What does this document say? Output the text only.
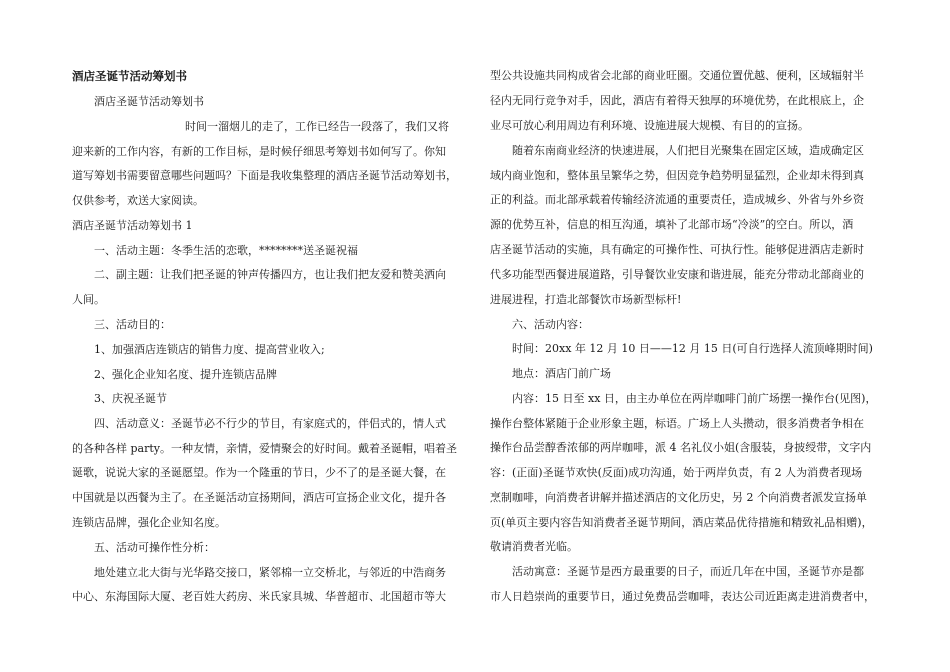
酒店圣诞节活动筹划书
酒店圣诞节活动筹划书
时间一溜烟儿的走了，工作已经告一段落了，我们又将
迎来新的工作内容，有新的工作目标，是时候仔细思考筹划书如何写了。你知
道写筹划书需要留意哪些问题吗？下面是我收集整理的酒店圣诞节活动筹划书，
仅供参考，欢送大家阅读。
酒店圣诞节活动筹划书 1
一、活动主题：冬季生活的恋歌，********送圣诞祝福
二、副主题：让我们把圣诞的钟声传播四方，也让我们把友爱和赞美洒向
人间。
三、活动目的：
1、加强酒店连锁店的销售力度、提高营业收入;
2、强化企业知名度、提升连锁店品牌
3、庆祝圣诞节
四、活动意义：圣诞节必不行少的节目，有家庭式的，伴侣式的，情人式
的各种各样 party。一种友情，亲情，爱情聚会的好时间。戴着圣诞帽，唱着圣
诞歌，说说大家的圣诞愿望。作为一个隆重的节日，少不了的是圣诞大餐，在
中国就是以西餐为主了。在圣诞活动宣扬期间，酒店可宣扬企业文化，提升各
连锁店品牌，强化企业知名度。
五、活动可操作性分析：
地处建立北大街与光华路交接口，紧邻棉一立交桥北，与邻近的中浩商务
中心、东海国际大厦、老百姓大药房、米氏家具城、华普超市、北国超市等大
型公共设施共同构成省会北部的商业旺圈。交通位置优越、便利，区域辐射半
径内无同行竞争对手，因此，酒店有着得天独厚的环境优势，在此根底上，企
业尽可放心利用周边有利环境、设施进展大规模、有目的的宣扬。
随着东南商业经济的快速进展，人们把目光聚集在固定区域，造成确定区
域内商业饱和，整体虽呈繁华之势，但因竞争趋势明显猛烈，企业却未得到真
正的利益。而北部承载着传输经济流通的重要责任，造成城乡、外省与外乡资
源的优势互补，信息的相互沟通，填补了北部市场“冷淡”的空白。所以，酒
店圣诞节活动的实施，具有确定的可操作性、可执行性。能够促进酒店走新时
代多功能型西餐进展道路，引导餐饮业安康和谐进展，能充分带动北部商业的
进展进程，打造北部餐饮市场新型标杆!
六、活动内容：
时间：20xx 年 12 月 10 日——12 月 15 日(可自行选择人流顶峰期时间)
地点：酒店门前广场
内容：15 日至 xx 日，由主办单位在两岸咖啡门前广场摆一操作台(见图)，
操作台整体紧随于企业形象主题，标语。广场上人头攒动，很多消费者争相在
操作台品尝醇香浓郁的两岸咖啡，派 4 名礼仪小姐(含服装，身披绶带，文字内
容：(正面)圣诞节欢快(反面)成功沟通，始于两岸负责，有 2 人为消费者现场
烹制咖啡，向消费者讲解并描述酒店的文化历史，另 2 个向消费者派发宣扬单
页(单页主要内容告知消费者圣诞节期间，酒店菜品优待措施和精致礼品相赠)，
敬请消费者光临。
活动寓意：圣诞节是西方最重要的日子，而近几年在中国，圣诞节亦是都
市人日趋崇尚的重要节日，通过免费品尝咖啡，表达公司近距离走进消费者中，
